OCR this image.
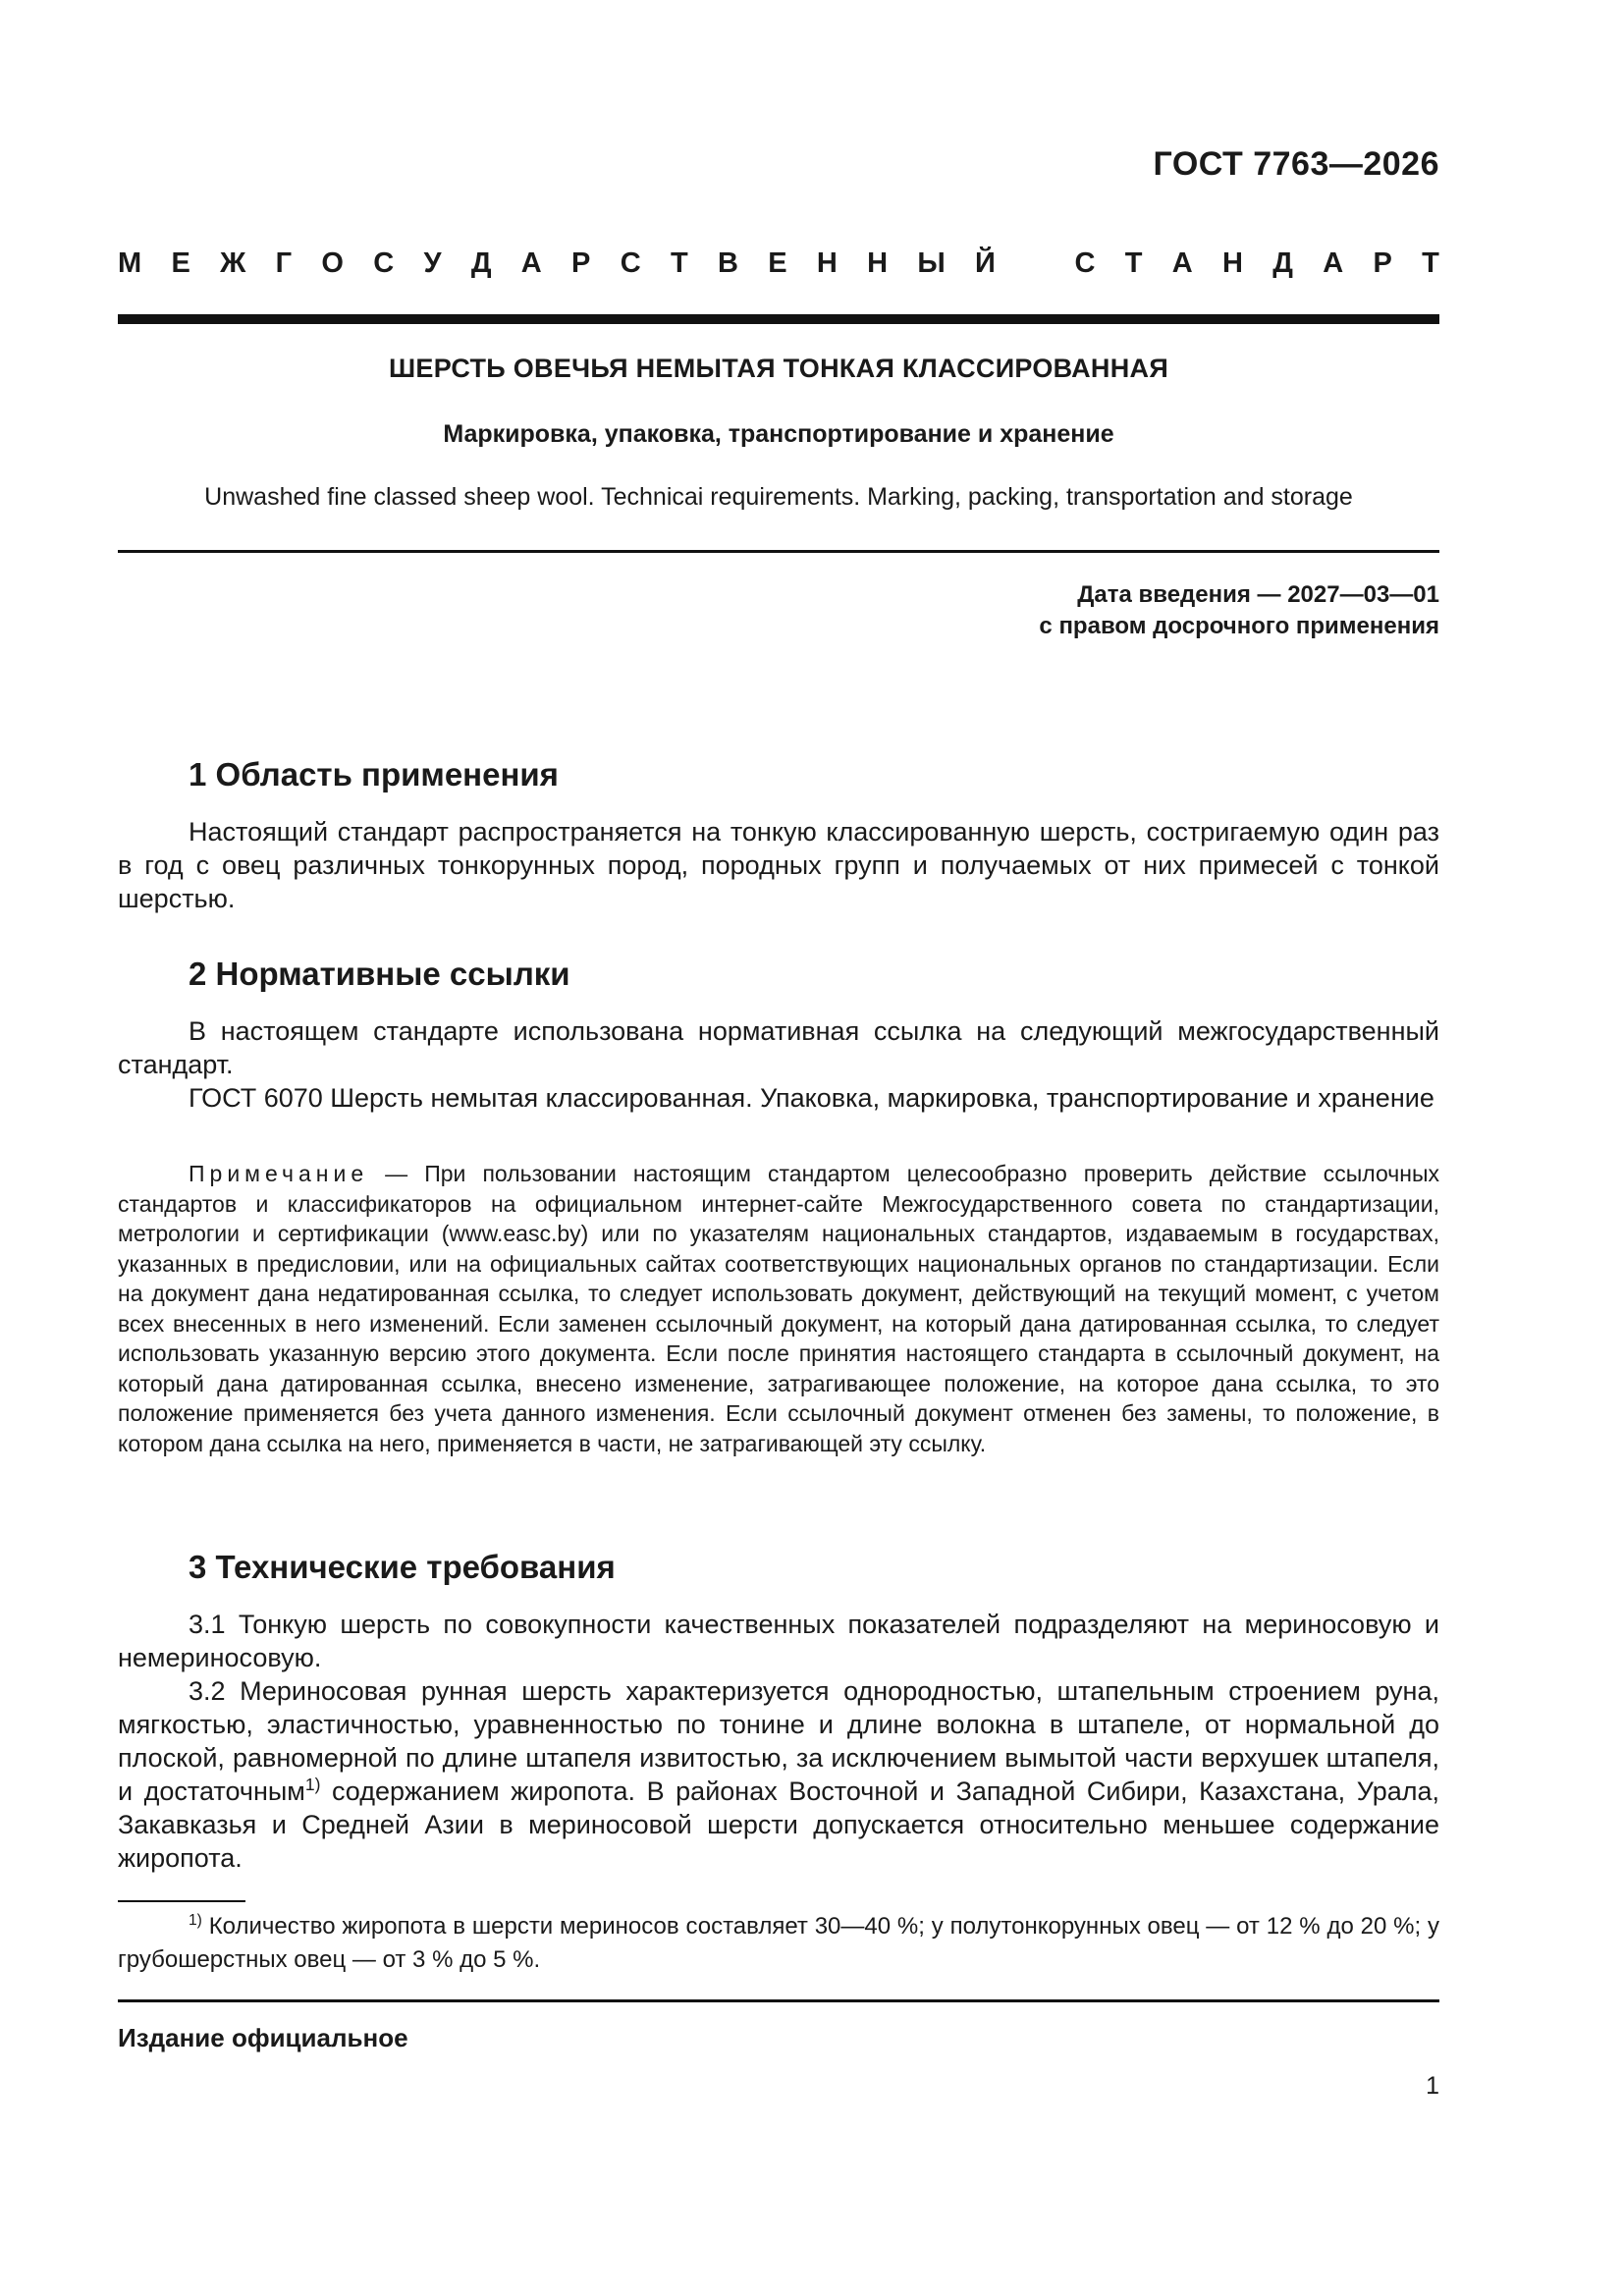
ГОСТ 7763—2026
М Е Ж Г О С У Д А Р С Т В Е Н Н Ы Й	С Т А Н Д А Р Т
ШЕРСТЬ ОВЕЧЬЯ НЕМЫТАЯ ТОНКАЯ КЛАССИРОВАННАЯ
Маркировка, упаковка, транспортирование и хранение
Unwashed fine classed sheep wool. Technicai requirements. Marking, packing, transportation and storage
Дата введения — 2027—03—01
с правом досрочного применения
1 Область применения
Настоящий стандарт распространяется на тонкую классированную шерсть, состригаемую один раз в год с овец различных тонкорунных пород, породных групп и получаемых от них примесей с тонкой шерстью.
2 Нормативные ссылки
В настоящем стандарте использована нормативная ссылка на следующий межгосударственный стандарт.
ГОСТ 6070 Шерсть немытая классированная. Упаковка, маркировка, транспортирование и хранение
Примечание — При пользовании настоящим стандартом целесообразно проверить действие ссылочных стандартов и классификаторов на официальном интернет-сайте Межгосударственного совета по стандартизации, метрологии и сертификации (www.easc.by) или по указателям национальных стандартов, издаваемым в государствах, указанных в предисловии, или на официальных сайтах соответствующих национальных органов по стандартизации. Если на документ дана недатированная ссылка, то следует использовать документ, действующий на текущий момент, с учетом всех внесенных в него изменений. Если заменен ссылочный документ, на который дана датированная ссылка, то следует использовать указанную версию этого документа. Если после принятия настоящего стандарта в ссылочный документ, на который дана датированная ссылка, внесено изменение, затрагивающее положение, на которое дана ссылка, то это положение применяется без учета данного изменения. Если ссылочный документ отменен без замены, то положение, в котором дана ссылка на него, применяется в части, не затрагивающей эту ссылку.
3 Технические требования
3.1 Тонкую шерсть по совокупности качественных показателей подразделяют на мериносовую и немериносовую.
3.2 Мериносовая рунная шерсть характеризуется однородностью, штапельным строением руна, мягкостью, эластичностью, уравненностью по тонине и длине волокна в штапеле, от нормальной до плоской, равномерной по длине штапеля извитостью, за исключением вымытой части верхушек штапеля, и достаточным$^{1)}$ содержанием жиропота. В районах Восточной и Западной Сибири, Казахстана, Урала, Закавказья и Средней Азии в мериносовой шерсти допускается относительно меньшее содержание жиропота.
$^{1)}$ Количество жиропота в шерсти мериносов составляет 30—40 %; у полутонкорунных овец — от 12 % до 20 %; у грубошерстных овец — от 3 % до 5 %.
Издание официальное
1
